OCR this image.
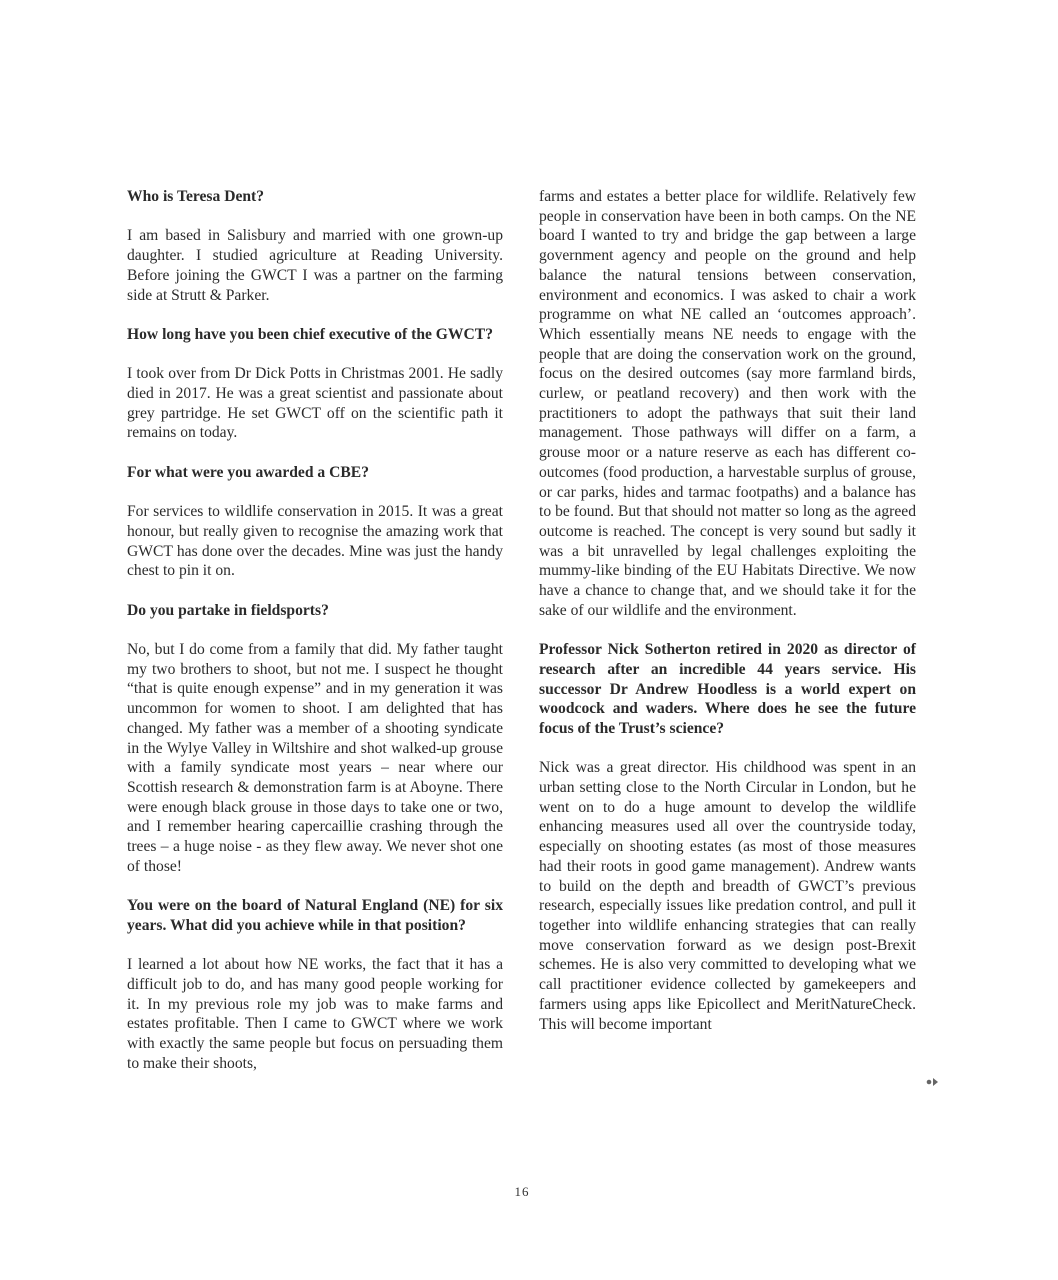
Who is Teresa Dent?

I am based in Salisbury and married with one grown-up daughter. I studied agriculture at Reading University. Before joining the GWCT I was a partner on the farming side at Strutt & Parker.

How long have you been chief executive of the GWCT?

I took over from Dr Dick Potts in Christmas 2001. He sadly died in 2017. He was a great scientist and passionate about grey partridge. He set GWCT off on the scientific path it remains on today.

For what were you awarded a CBE?

For services to wildlife conservation in 2015. It was a great honour, but really given to recognise the amazing work that GWCT has done over the decades. Mine was just the handy chest to pin it on.

Do you partake in fieldsports?

No, but I do come from a family that did. My father taught my two brothers to shoot, but not me. I suspect he thought “that is quite enough expense” and in my generation it was uncommon for women to shoot. I am delighted that has changed. My father was a member of a shooting syndicate in the Wylye Valley in Wiltshire and shot walked-up grouse with a family syndicate most years – near where our Scottish research & demonstration farm is at Aboyne. There were enough black grouse in those days to take one or two, and I remember hearing capercaillie crashing through the trees – a huge noise - as they flew away. We never shot one of those!

You were on the board of Natural England (NE) for six years. What did you achieve while in that position?

I learned a lot about how NE works, the fact that it has a difficult job to do, and has many good people working for it. In my previous role my job was to make farms and estates profitable. Then I came to GWCT where we work with exactly the same people but focus on persuading them to make their shoots,

farms and estates a better place for wildlife. Relatively few people in conservation have been in both camps. On the NE board I wanted to try and bridge the gap between a large government agency and people on the ground and help balance the natural tensions between conservation, environment and economics. I was asked to chair a work programme on what NE called an ‘outcomes approach’. Which essentially means NE needs to engage with the people that are doing the conservation work on the ground, focus on the desired outcomes (say more farmland birds, curlew, or peatland recovery) and then work with the practitioners to adopt the pathways that suit their land management. Those pathways will differ on a farm, a grouse moor or a nature reserve as each has different co-outcomes (food production, a harvestable surplus of grouse, or car parks, hides and tarmac footpaths) and a balance has to be found. But that should not matter so long as the agreed outcome is reached. The concept is very sound but sadly it was a bit unravelled by legal challenges exploiting the mummy-like binding of the EU Habitats Directive. We now have a chance to change that, and we should take it for the sake of our wildlife and the environment.

Professor Nick Sotherton retired in 2020 as director of research after an incredible 44 years service. His successor Dr Andrew Hoodless is a world expert on woodcock and waders. Where does he see the future focus of the Trust’s science?

Nick was a great director. His childhood was spent in an urban setting close to the North Circular in London, but he went on to do a huge amount to develop the wildlife enhancing measures used all over the countryside today, especially on shooting estates (as most of those measures had their roots in good game management). Andrew wants to build on the depth and breadth of GWCT’s previous research, especially issues like predation control, and pull it together into wildlife enhancing strategies that can really move conservation forward as we design post-Brexit schemes. He is also very committed to developing what we call practitioner evidence collected by gamekeepers and farmers using apps like Epicollect and MeritNatureCheck. This will become important

16
